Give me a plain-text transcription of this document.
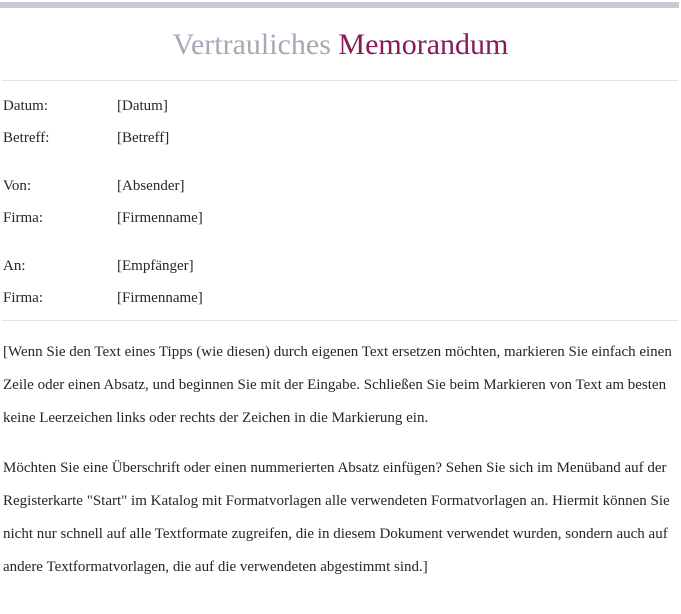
Vertrauliches Memorandum
Datum:	[Datum]
Betreff:	[Betreff]
Von:	[Absender]
Firma:	[Firmenname]
An:	[Empfänger]
Firma:	[Firmenname]

[Wenn Sie den Text eines Tipps (wie diesen) durch eigenen Text ersetzen möchten, markieren Sie einfach einen Zeile oder einen Absatz, und beginnen Sie mit der Eingabe. Schließen Sie beim Markieren von Text am besten keine Leerzeichen links oder rechts der Zeichen in die Markierung ein.

Möchten Sie eine Überschrift oder einen nummerierten Absatz einfügen? Sehen Sie sich im Menüband auf der Registerkarte "Start" im Katalog mit Formatvorlagen alle verwendeten Formatvorlagen an. Hiermit können Sie nicht nur schnell auf alle Textformate zugreifen, die in diesem Dokument verwendet wurden, sondern auch auf andere Textformatvorlagen, die auf die verwendeten abgestimmt sind.]
